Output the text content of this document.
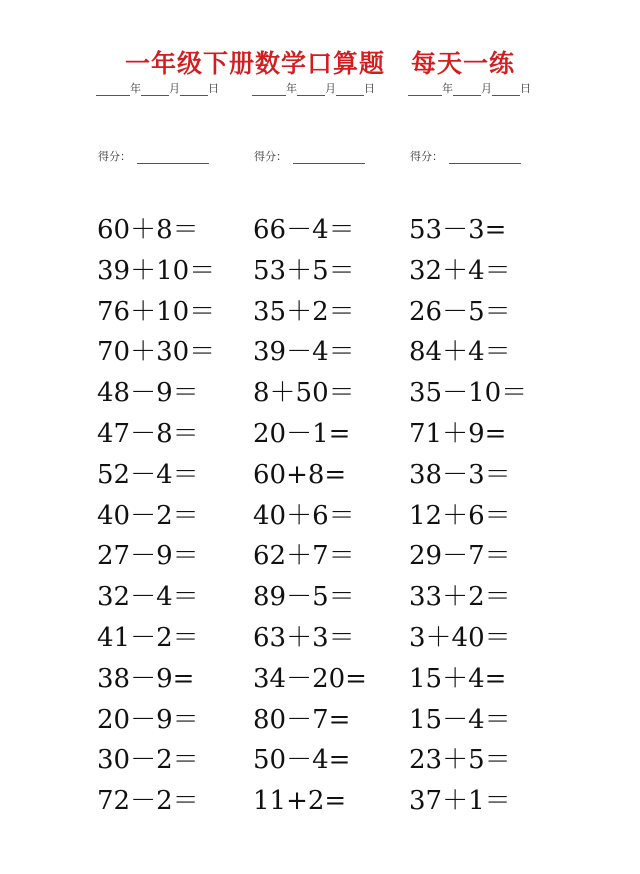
一年级下册数学口算题　每天一练
年	月	日	年	月	日	年	月	日
得分：	得分：	得分：
60＋8＝
39＋10＝
76＋10＝
70＋30＝
48－9＝
47－8＝
52－4＝
40－2＝
27－9＝
32－4＝
41－2＝
38－9=
20－9＝
30－2＝
72－2＝
66－4＝
53＋5＝
35＋2＝
39－4＝
8＋50＝
20－1=
60+8=
40＋6＝
62＋7＝
89－5＝
63＋3＝
34－20=
80－7=
50－4=
11+2=
53－3=
32＋4＝
26－5＝
84＋4＝
35－10＝
71＋9=
38－3＝
12＋6＝
29－7＝
33＋2＝
3＋40＝
15＋4=
15－4＝
23＋5＝
37＋1＝
